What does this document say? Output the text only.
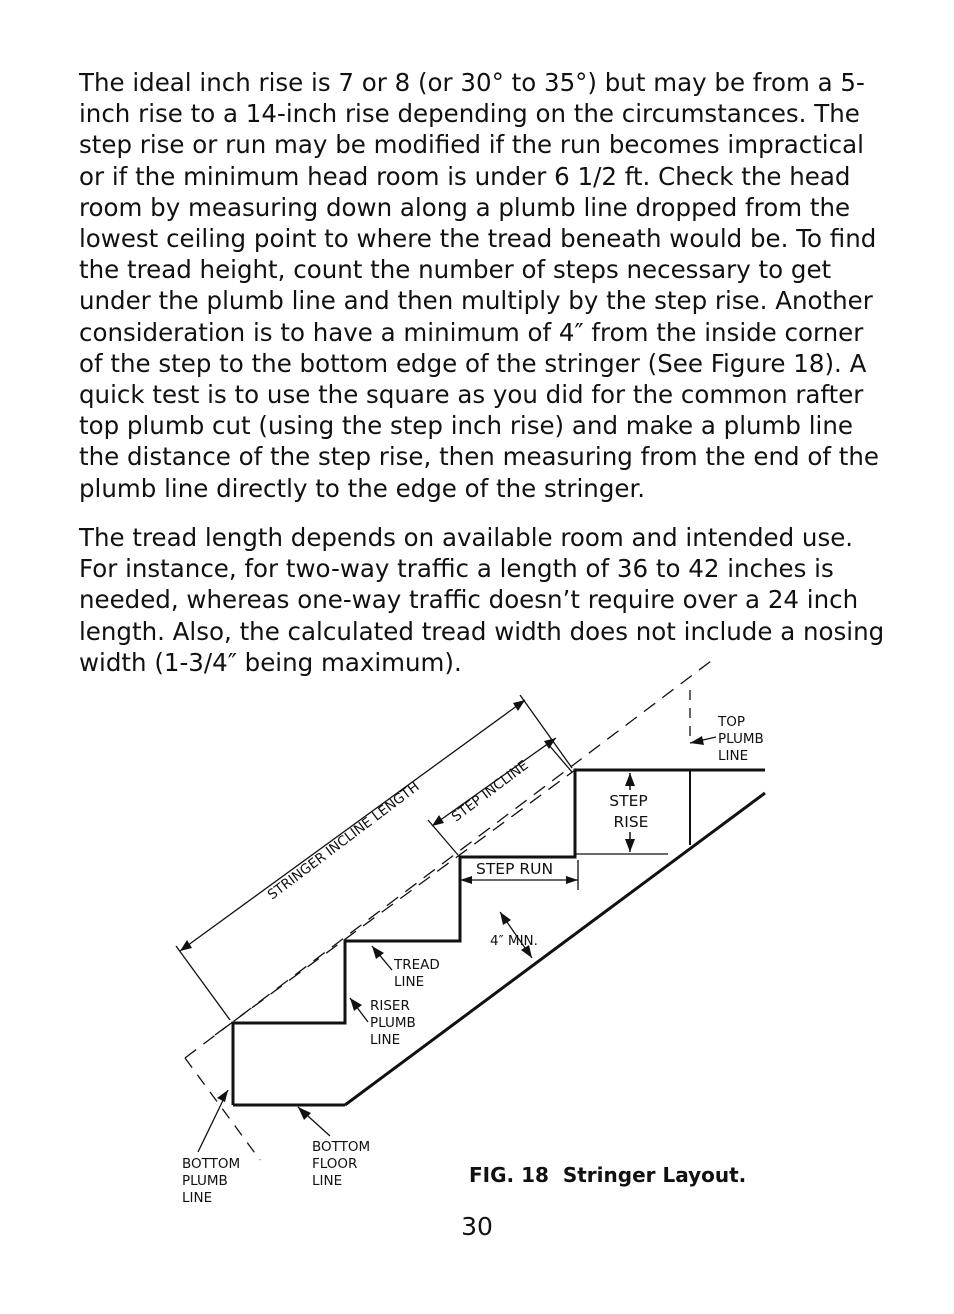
The ideal inch rise is 7 or 8 (or 30° to 35°) but may be from a 5-inch rise to a 14-inch rise depending on the circumstances. The step rise or run may be modified if the run becomes impractical or if the minimum head room is under 6 1/2 ft. Check the head room by measuring down along a plumb line dropped from the lowest ceiling point to where the tread beneath would be. To find the tread height, count the number of steps necessary to get under the plumb line and then multiply by the step rise. Another consideration is to have a minimum of 4″ from the inside corner of the step to the bottom edge of the stringer (See Figure 18). A quick test is to use the square as you did for the common rafter top plumb cut (using the step inch rise) and make a plumb line the distance of the step rise, then measuring from the end of the plumb line directly to the edge of the stringer.

The tread length depends on available room and intended use. For instance, for two-way traffic a length of 36 to 42 inches is needed, whereas one-way traffic doesn’t require over a 24 inch length. Also, the calculated tread width does not include a nosing width (1-3/4″ being maximum).

STRINGER INCLINE LENGTH STEP INCLINE	STEP RISE
STEP RUN
4″ MIN.
TOP PLUMB LINE
TREAD LINE
RISER PLUMB LINE
BOTTOM PLUMB LINE
BOTTOM FLOOR LINE	FIG. 18  Stringer Layout.
30
